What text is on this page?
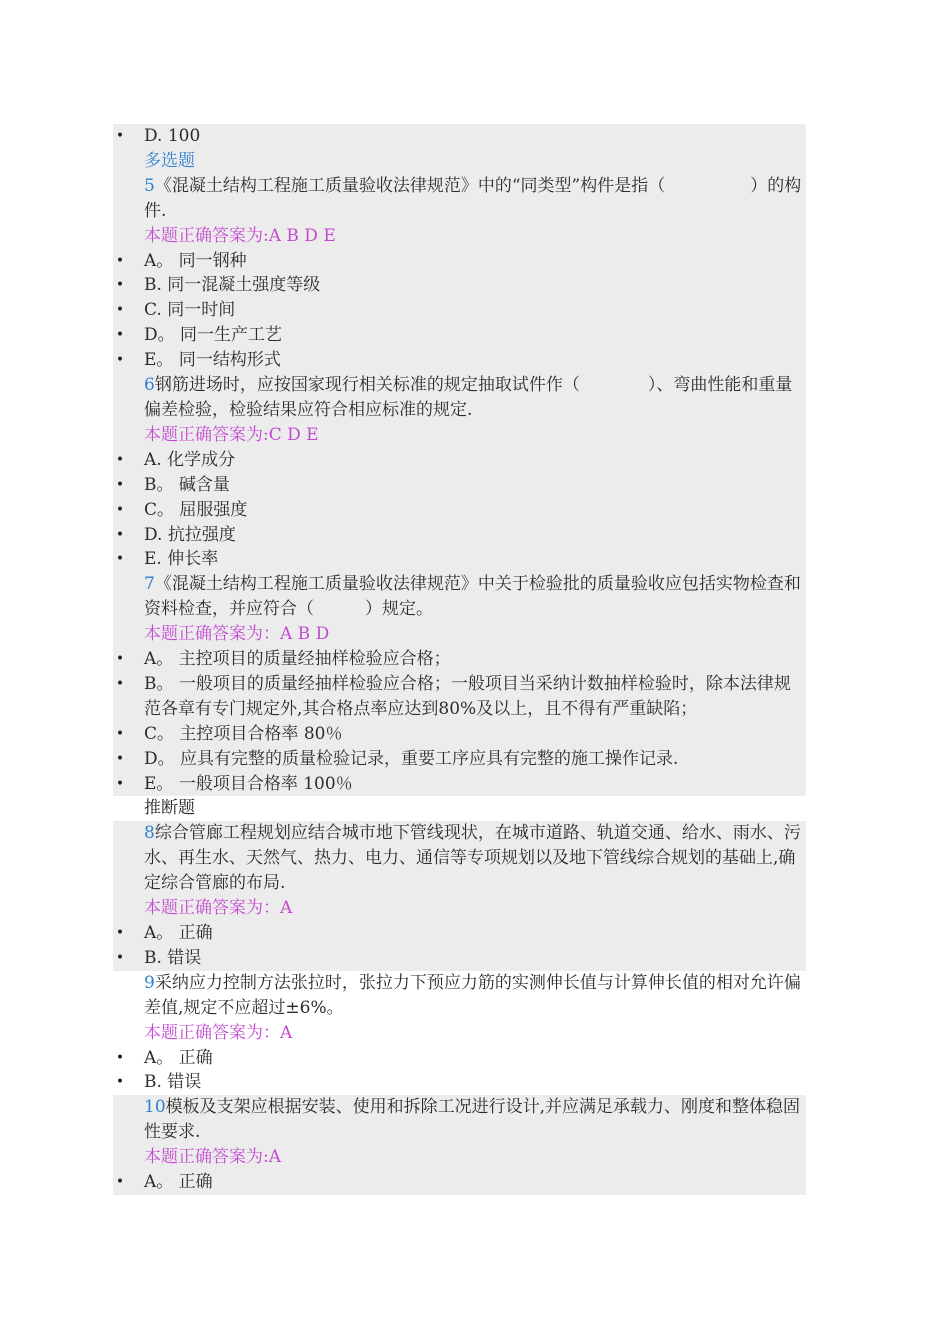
• D. 100
多选题
5《混凝土结构工程施工质量验收法律规范》中的“同类型”构件是指（　　　　　）的构件.
本题正确答案为:A B D E
• A。 同一钢种
• B. 同一混凝土强度等级
• C. 同一时间
• D。 同一生产工艺
• E。 同一结构形式
6钢筋进场时，应按国家现行相关标准的规定抽取试件作（　　　　）、弯曲性能和重量偏差检验，检验结果应符合相应标准的规定.
本题正确答案为:C D E
• A. 化学成分
• B。 碱含量
• C。 屈服强度
• D. 抗拉强度
• E. 伸长率
7《混凝土结构工程施工质量验收法律规范》中关于检验批的质量验收应包括实物检查和资料检查，并应符合（　　　）规定。
本题正确答案为：A B D
• A。 主控项目的质量经抽样检验应合格；
• B。 一般项目的质量经抽样检验应合格；一般项目当采纳计数抽样检验时，除本法律规范各章有专门规定外,其合格点率应达到80%及以上，且不得有严重缺陷；
• C。 主控项目合格率 80％
• D。 应具有完整的质量检验记录，重要工序应具有完整的施工操作记录.
• E。 一般项目合格率 100％
推断题
8综合管廊工程规划应结合城市地下管线现状，在城市道路、轨道交通、给水、雨水、污水、再生水、天然气、热力、电力、通信等专项规划以及地下管线综合规划的基础上,确定综合管廊的布局.
本题正确答案为：A
• A。 正确
• B. 错误
9采纳应力控制方法张拉时，张拉力下预应力筋的实测伸长值与计算伸长值的相对允许偏差值,规定不应超过±6%。
本题正确答案为：A
• A。 正确
• B. 错误
10模板及支架应根据安装、使用和拆除工况进行设计,并应满足承载力、刚度和整体稳固性要求.
本题正确答案为:A
• A。 正确
